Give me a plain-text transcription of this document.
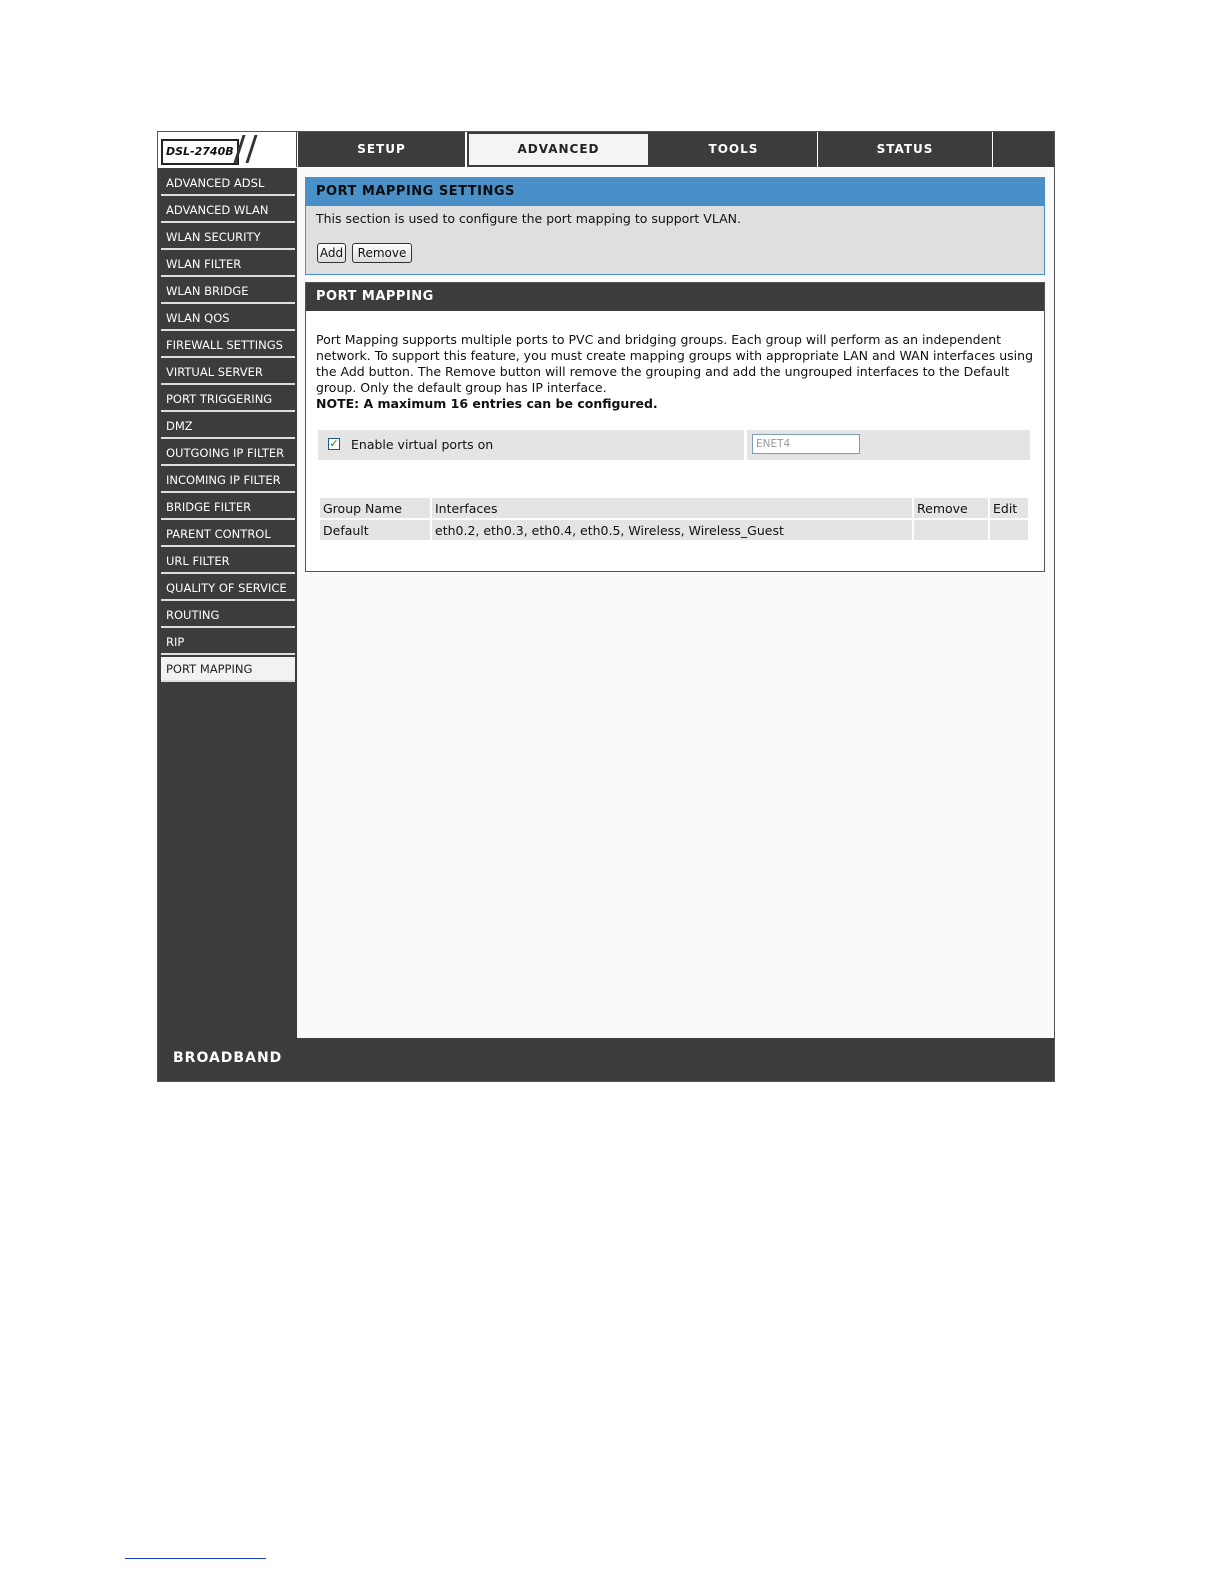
DSL-2740B	SETUP	ADVANCED	TOOLS	STATUS
ADVANCED ADSL
ADVANCED WLAN
WLAN SECURITY
WLAN FILTER
WLAN BRIDGE
WLAN QOS
FIREWALL SETTINGS
VIRTUAL SERVER
PORT TRIGGERING
DMZ
OUTGOING IP FILTER
INCOMING IP FILTER
BRIDGE FILTER
PARENT CONTROL
URL FILTER
QUALITY OF SERVICE
ROUTING
RIP
PORT MAPPING
PORT MAPPING SETTINGS
This section is used to configure the port mapping to support VLAN.
Add	Remove
PORT MAPPING
Port Mapping supports multiple ports to PVC and bridging groups. Each group will perform as an independent network. To support this feature, you must create mapping groups with appropriate LAN and WAN interfaces using the Add button. The Remove button will remove the grouping and add the ungrouped interfaces to the Default group. Only the default group has IP interface.
NOTE: A maximum 16 entries can be configured.
✓ Enable virtual ports on
ENET4
Group Name	Interfaces	Remove	Edit
Default	eth0.2, eth0.3, eth0.4, eth0.5, Wireless, Wireless_Guest		
BROADBAND
